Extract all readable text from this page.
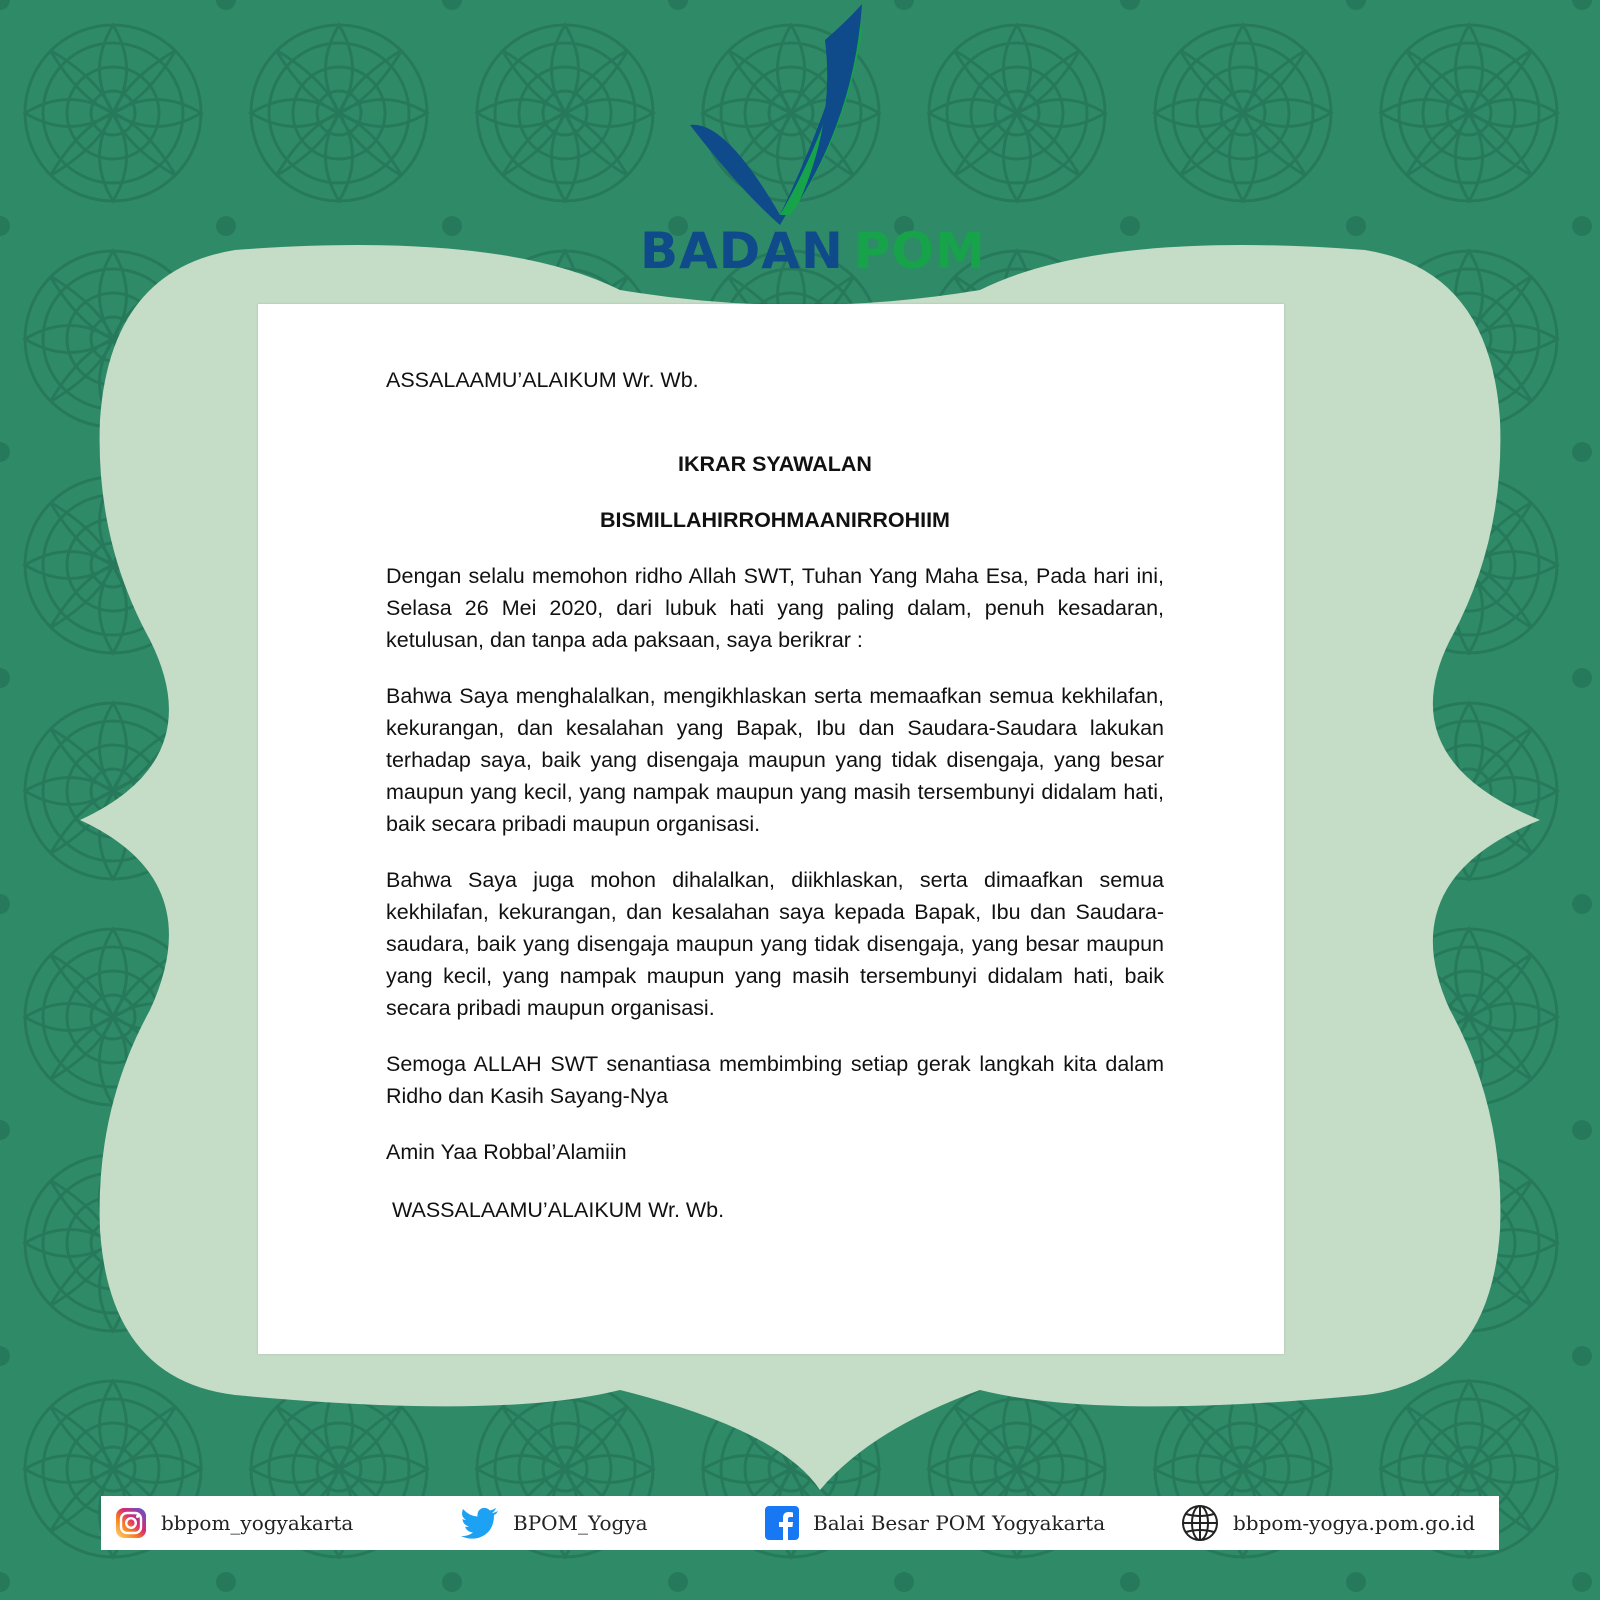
BADAN POM

ASSALAAMU’ALAIKUM Wr. Wb.

IKRAR SYAWALAN

BISMILLAHIRROHMAANIRROHIIM

Dengan selalu memohon ridho Allah SWT, Tuhan Yang Maha Esa, Pada hari ini, Selasa 26 Mei 2020, dari lubuk hati yang paling dalam, penuh kesadaran, ketulusan, dan tanpa ada paksaan, saya berikrar :

Bahwa Saya menghalalkan, mengikhlaskan serta memaafkan semua kekhilafan, kekurangan, dan kesalahan yang Bapak, Ibu dan Saudara-Saudara lakukan terhadap saya, baik yang disengaja maupun yang tidak disengaja, yang besar maupun yang kecil, yang nampak maupun yang masih tersembunyi didalam hati, baik secara pribadi maupun organisasi.

Bahwa Saya juga mohon dihalalkan, diikhlaskan, serta dimaafkan semua kekhilafan, kekurangan, dan kesalahan saya kepada Bapak, Ibu dan Saudara-saudara, baik yang disengaja maupun yang tidak disengaja, yang besar maupun yang kecil, yang nampak maupun yang masih tersembunyi didalam hati, baik secara pribadi maupun organisasi.

Semoga ALLAH SWT senantiasa membimbing setiap gerak langkah kita dalam Ridho dan Kasih Sayang-Nya

Amin Yaa Robbal’Alamiin

WASSALAAMU’ALAIKUM Wr. Wb.

bbpom_yogyakarta	BPOM_Yogya	Balai Besar POM Yogyakarta	bbpom-yogya.pom.go.id
